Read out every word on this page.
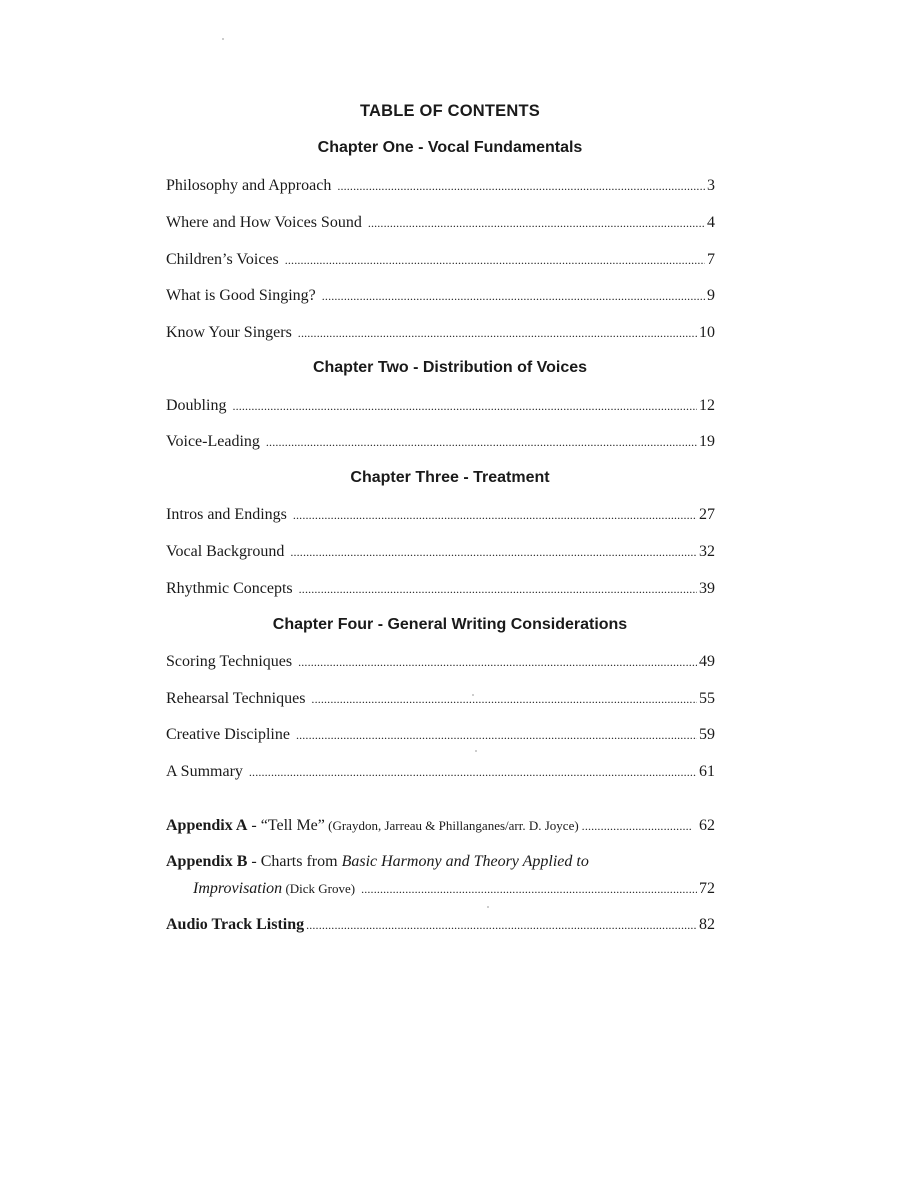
TABLE OF CONTENTS
Chapter One - Vocal Fundamentals
Philosophy and Approach .....	3
Where and How Voices Sound .....	4
Children’s Voices .....	7
What is Good Singing? .....	9
Know Your Singers .....	10
Chapter Two - Distribution of Voices
Doubling .....	12
Voice-Leading .....	19
Chapter Three - Treatment
Intros and Endings .....	27
Vocal Background .....	32
Rhythmic Concepts .....	39
Chapter Four - General Writing Considerations
Scoring Techniques .....	49
Rehearsal Techniques .....	55
Creative Discipline .....	59
A Summary .....	61
Appendix A - “Tell Me” (Graydon, Jarreau & Phillanganes/arr. D. Joyce) .....	62
Appendix B - Charts from Basic Harmony and Theory Applied to
Improvisation (Dick Grove) .....	72
Audio Track Listing .....	82
